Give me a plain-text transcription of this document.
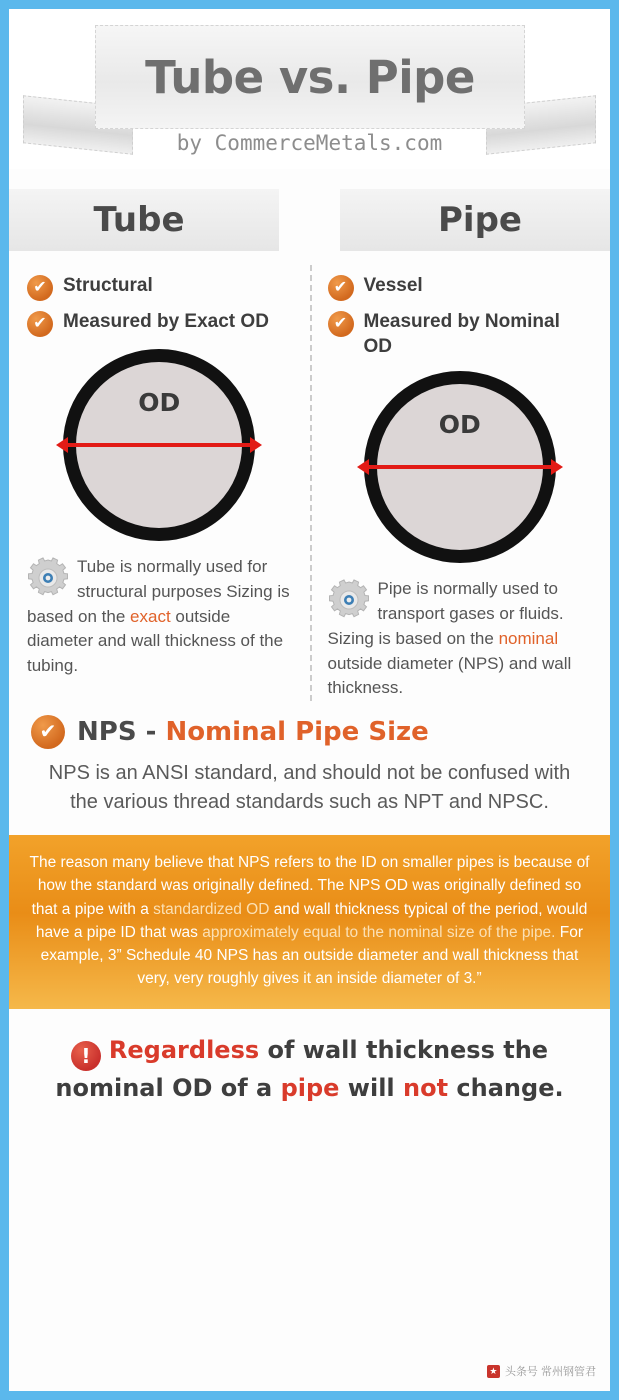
Tube vs. Pipe
by CommerceMetals.com
Tube	Pipe
✔ Structural
✔ Measured by Exact OD
OD
Tube is normally used for structural purposes Sizing is based on the exact outside diameter and wall thickness of the tubing.
✔ Vessel
✔ Measured by Nominal OD
OD
Pipe is normally used to transport gases or fluids. Sizing is based on the nominal outside diameter (NPS) and wall thickness.
✔ NPS - Nominal Pipe Size
NPS is an ANSI standard, and should not be confused with the various thread standards such as NPT and NPSC.
The reason many believe that NPS refers to the ID on smaller pipes is because of how the standard was originally defined. The NPS OD was originally defined so that a pipe with a standardized OD and wall thickness typical of the period, would have a pipe ID that was approximately equal to the nominal size of the pipe. For example, 3” Schedule 40 NPS has an outside diameter and wall thickness that very, very roughly gives it an inside diameter of 3.”
! Regardless of wall thickness the nominal OD of a pipe will not change.
★ 头条号 常州钢管君
